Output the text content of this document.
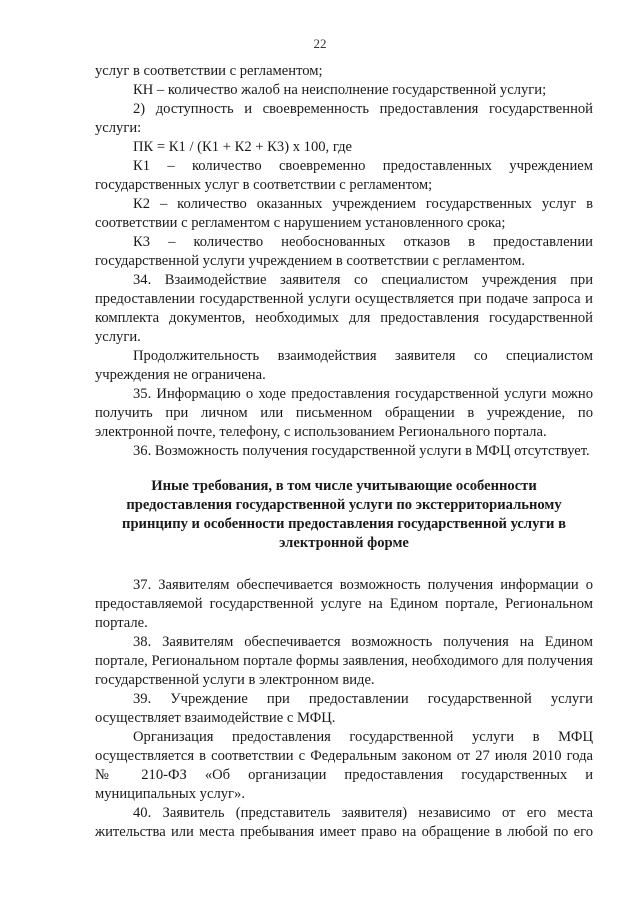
22

услуг в соответствии с регламентом;

КН – количество жалоб на неисполнение государственной услуги;

2) доступность и своевременность предоставления государственной услуги:

ПК = К1 / (К1 + К2 + К3) х 100, где

К1 – количество своевременно предоставленных учреждением государственных услуг в соответствии с регламентом;

К2 – количество оказанных учреждением государственных услуг в соответствии с регламентом с нарушением установленного срока;

К3 – количество необоснованных отказов в предоставлении государственной услуги учреждением в соответствии с регламентом.

34. Взаимодействие заявителя со специалистом учреждения при предоставлении государственной услуги осуществляется при подаче запроса и комплекта документов, необходимых для предоставления государственной услуги.

Продолжительность взаимодействия заявителя со специалистом учреждения не ограничена.

35. Информацию о ходе предоставления государственной услуги можно получить при личном или письменном обращении в учреждение, по электронной почте, телефону, с использованием Регионального портала.

36. Возможность получения государственной услуги в МФЦ отсутствует.

Иные требования, в том числе учитывающие особенности предоставления государственной услуги по экстерриториальному принципу и особенности предоставления государственной услуги в электронной форме

37. Заявителям обеспечивается возможность получения информации о предоставляемой государственной услуге на Едином портале, Региональном портале.

38. Заявителям обеспечивается возможность получения на Едином портале, Региональном портале формы заявления, необходимого для получения государственной услуги в электронном виде.

39. Учреждение при предоставлении государственной услуги осуществляет взаимодействие с МФЦ.

Организация предоставления государственной услуги в МФЦ осуществляется в соответствии с Федеральным законом от 27 июля 2010 года № 210-ФЗ «Об организации предоставления государственных и муниципальных услуг».

40. Заявитель (представитель заявителя) независимо от его места жительства или места пребывания имеет право на обращение в любой по его
